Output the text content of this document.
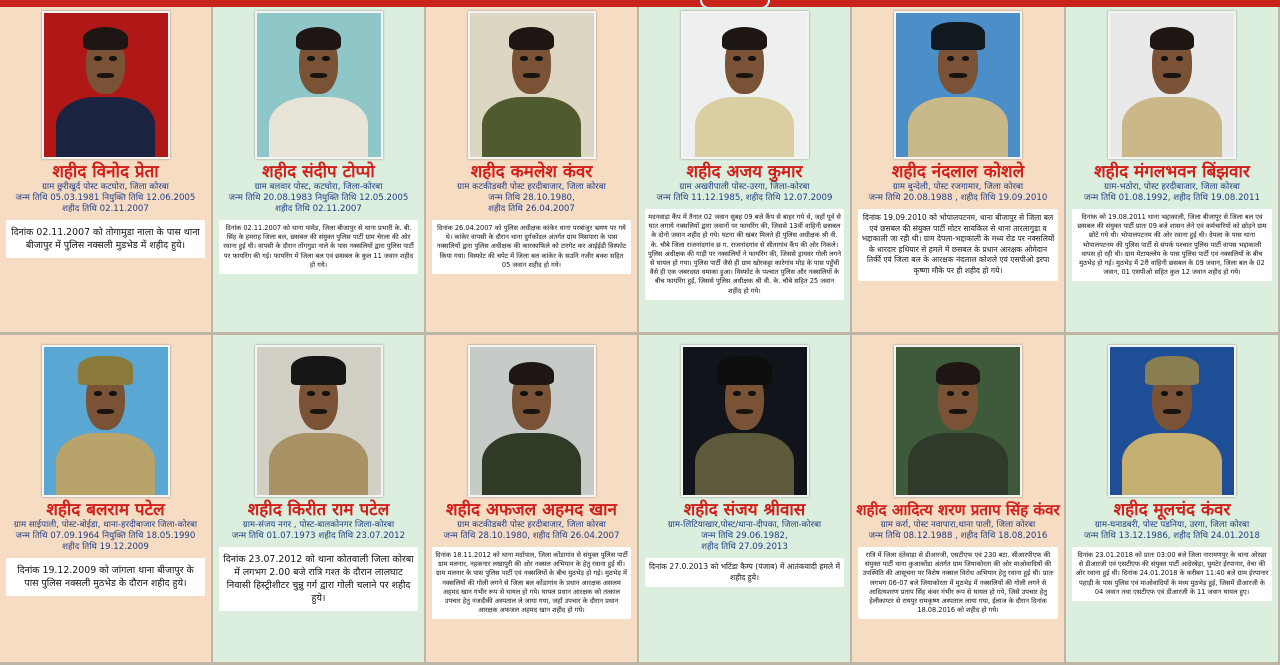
शहीद विनोद प्रेता
ग्राम छुरीखुर्द पोस्ट कटघोरा, जिला कोरबा
जन्म तिथि 05.03.1981 नियुक्ति तिथि 12.06.2005
शहीद तिथि 02.11.2007
दिनांक 02.11.2007 को तोगामुडा नाला के पास थाना बीजापुर में पुलिस नक्सली मुडभेड में शहीद हुये।
शहीद संदीप टोप्पो
ग्राम बलवार पोस्ट, कटघोरा, जिला-कोरबा
जन्म तिथि 20.08.1983 नियुक्ति तिथि 12.05.2005
शहीद तिथि 02.11.2007
दिनांक 02.11.2007 को थाना पामेड, जिला बीजापुर से थाना प्रभारी के. बी. सिंह के हमराह जिला बल, छसबल की संयुक्त पुलिस पार्टी ग्राम चेरला की ओर रवाना हुई थी। वापसी के दौरान तोंगगुडा नाले के पास नक्सलियों द्वारा पुलिस पार्टी पर फायरिंग की गई। फायरिंग में जिला बल एवं छसबल के कुल 11 जवान शहीद हो गये।
शहीद कमलेश कंवर
ग्राम कटकीडबरी पोस्ट हरदीबाजार, जिला कोरबा
जन्म तिथि 28.10.1980,
शहीद तिथि 26.04.2007
दिनांक 26.04.2007 को पुलिस अधीक्षक कांकेर थाना परबांजुर भ्रमण पर गये थे। कांकेर वापसी के दौरान थाना दुर्गकोंदल अंतर्गत ग्राम मिसपारा के पास नक्सलियों द्वारा पुलिस अधीक्षक की कारकाफिले को टारगेट कर आईईडी विस्फोट किया गया। विस्फोट की चपेट में जिला बल कांकेर के सउनि नजीर बक्श सहित 05 जवान शहीद हो गये।
शहीद अजय कुमार
ग्राम अखरीपाली पोस्ट-उरगा, जिला-कोरबा
जन्म तिथि 11.12.1985, शहीद तिथि 12.07.2009
मदनवाड़ा कैंप में तैनात 02 जवान सुबह 09 बजे कैंप से बाहर गये थे, जहाँ पूर्व से घात लगाये नक्सलियों द्वारा जवानों पर फायरिंग की, जिससे 13वीं वाहिनी छसबल के दोनो जवान शहीद हो गये। घटना की खबर मिलते ही पुलिस अधीक्षक श्री वी. के. चौबे जिला राजनांदगांव छ ग. राजनांदगांव से सीतागांव कैंप की ओर निकले। पुलिस अधीक्षक की गाड़ी पर नक्सलियों ने फायरिंग की, जिससे ड्रायवर गोली लगने से घायल हो गया। पुलिस पार्टी जैसे ही ग्राम खोरकट्टा कारेगांव मोड़ के पास पहुँची वैसे ही एक जबरदस्त धमाका हुआ। विस्फोट के पश्चात पुलिस और नक्सलियों के बीच फायरिंग हुई, जिससे पुलिस अधीक्षक श्री वी. के. चौबे सहित 25 जवान शहीद हो गये।
शहीद नंदलाल कोशले
ग्राम बुन्देली, पोस्ट रजगामार, जिला कोरबा
जन्म तिथि 20.08.1988 , शहीद तिथि 19.09.2010
दिनांक 19.09.2010 को भोपालपटनम, थाना बीजापुर से जिला बल एवं छसबल की संयुक्त पार्टी मोटर सायकिल से थाना तारलागुड़ा व भद्दाकाली जा रही थी। ग्राम देपला-भद्दाकाली के मध्य रोड पर नक्सलियों के धारदार हथियार से हमले में छसबल के प्रधान आरक्षक ओमेदान तिर्की एवं जिला बल के आरक्षक नंदलाल कोशले एवं एसपीओ इरपा कृष्णा मौके पर ही शहीद हो गये।
शहीद मंगलभवन बिंझवार
ग्राम-भठोरा, पोस्ट हरदीबाजार, जिला कोरबा
जन्म तिथि 01.08.1992, शहीद तिथि 19.08.2011
दिनांक को 19.08.2011 थाना भद्दाकाली, जिला बीजापुर से जिला बल एवं छसबल की संयुक्त पार्टी प्रातः 09 बजे शासन लेने एवं कर्मचारियों को छोड़ने ग्राम छोटे गये थी। भोपालपटनम की ओर रवाना हुई थी। देपला के पास थाना भोपालपटनम की पुलिस पार्टी से संपर्क पश्चात पुलिस पार्टी वापस भद्दाकाली वापस हो रही थी। ग्राम मेटापल्लेम के पास पुलिस पार्टी एवं नक्सलियों के बीच मुठभेड़ हो गई। मुठभेड़ में 2री वाहिनी छसबल के 09 जवान, जिला बल के 02 जवान, 01 एसपीओ सहित कुल 12 जवान शहीद हो गये।
शहीद बलराम पटेल
ग्राम साईपाली, पोस्ट-बोईडा, थाना-हरदीबाजार जिला-कोरबा
जन्म तिथि 07.09.1964 नियुक्ति तिथि 18.05.1990
शहीद तिथि 19.12.2009
दिनांक 19.12.2009 को जांगला थाना बीजापुर के पास पुलिस नक्सली मुठभेड के दौरान शहीद हुये।
शहीद किरीत राम पटेल
ग्राम-संजय नगर , पोस्ट-बालकोनगर जिला-कोरबा
जन्म तिथि 01.07.1973 शहीद तिथि 23.07.2012
दिनांक 23.07.2012 को थाना कोतवाली जिला कोरबा में लगभग 2.00 बजे रात्रि गश्त के दौरान लालघाट निवासी हिस्ट्रीशीटर चुन्नु गर्ग द्वारा गोली चलाने पर शहीद हुये।
शहीद अफजल अहमद खान
ग्राम कटकीडबरी पोस्ट हरदीबाजार, जिला कोरबा
जन्म तिथि 28.10.1980, शहीद तिथि 26.04.2007
दिनांक 18.11.2012 को थाना मर्दापाल, जिला कोंडागांव से संयुक्त पुलिस पार्टी ग्राम मलनार, नहकनार लखापुरी की ओर नक्सल अभियान के हेतु रवाना हुई थी। ग्राम मलनार के पास पुलिस पार्टी एवं नक्सलियों के बीच मुठभेड़ हो गई। मुठभेड़ में नक्सलियों की गोली लगने से जिला बल कोंडागांव के प्रधान आरक्षक असलम अहमद खान गंभीर रूप से घायल हो गये। घायल प्रधान आरक्षक को तत्काल उपचार हेतु नजदीकी अस्पताल ले जाया गया, जहाँ उपचार के दौरान प्रधान आरक्षक अफजल अहमद खान शहीद हो गये।
शहीद संजय श्रीवास
ग्राम-लिटियाखार,पोस्ट/थाना-दीपका, जिला-कोरबा
जन्म तिथि 29.06.1982,
शहीद तिथि 27.09.2013
दिनांक 27.0.2013 को भटिंडा कैम्प (पंजाब) में आतंकवादी हमले में शहीद हुये।
शहीद आदित्य शरण प्रताप सिंह कंवर
ग्राम कर्रा, पोस्ट नवापारा,थाना पाली, जिला कोरबा
जन्म तिथि 08.12.1988 , शहीद तिथि 18.08.2016
रात्रि में जिला दंतेवाड़ा से डीआरजी, एसटीएफ एवं 230 बटा. सीआरपीएफ की संयुक्त पार्टी थाना कुआकोंडा अंतर्गत ग्राम जियाकोरता की ओर माओवादियों की उपस्थिति की आसूचना पर विशेष नक्सल विरोध अभियान हेतु रवाना हुई थी। प्रातः लगभग 06-07 बजे जियाकोरता में मुठभेड़ में नक्सलियों की गोली लगने से आदित्यशरण प्रताप सिंह कंवर गंभीर रूप से घायल हो गये, जिसे उपचार हेतु हेलीकाप्टर से रायपुर रामकृष्ण अस्पताल लाया गया, ईलाज के दौरान दिनांक 18.08.2016 को शहीद हो गये।
शहीद मूलचंद कंवर
ग्राम-घनाडबरी, पोस्ट पडनिया, उरगा, जिला कोरबा
जन्म तिथि 13.12.1986, शहीद तिथि 24.01.2018
दिनांक 23.01.2018 को प्रातः 03:00 बजे जिला नारायणपुर के थाना ओरछा से डीआरजी एवं एसटीएफ की संयुक्त पार्टी आदेरबेड़ा, घुमटेर ईरपानार, वेचा की ओर रवाना हुई थी। दिनांक 24.01.2018 के करीबन 11:40 बजे ग्राम ईरपानार पहाड़ी के पास पुलिस एवं माओवादियों के मध्य मुठभेड़ हुई, जिसमें डीआरजी के 04 जवान तथा एसटीएफ एवं डीआरजी के 11 जवान घायल हुए।
